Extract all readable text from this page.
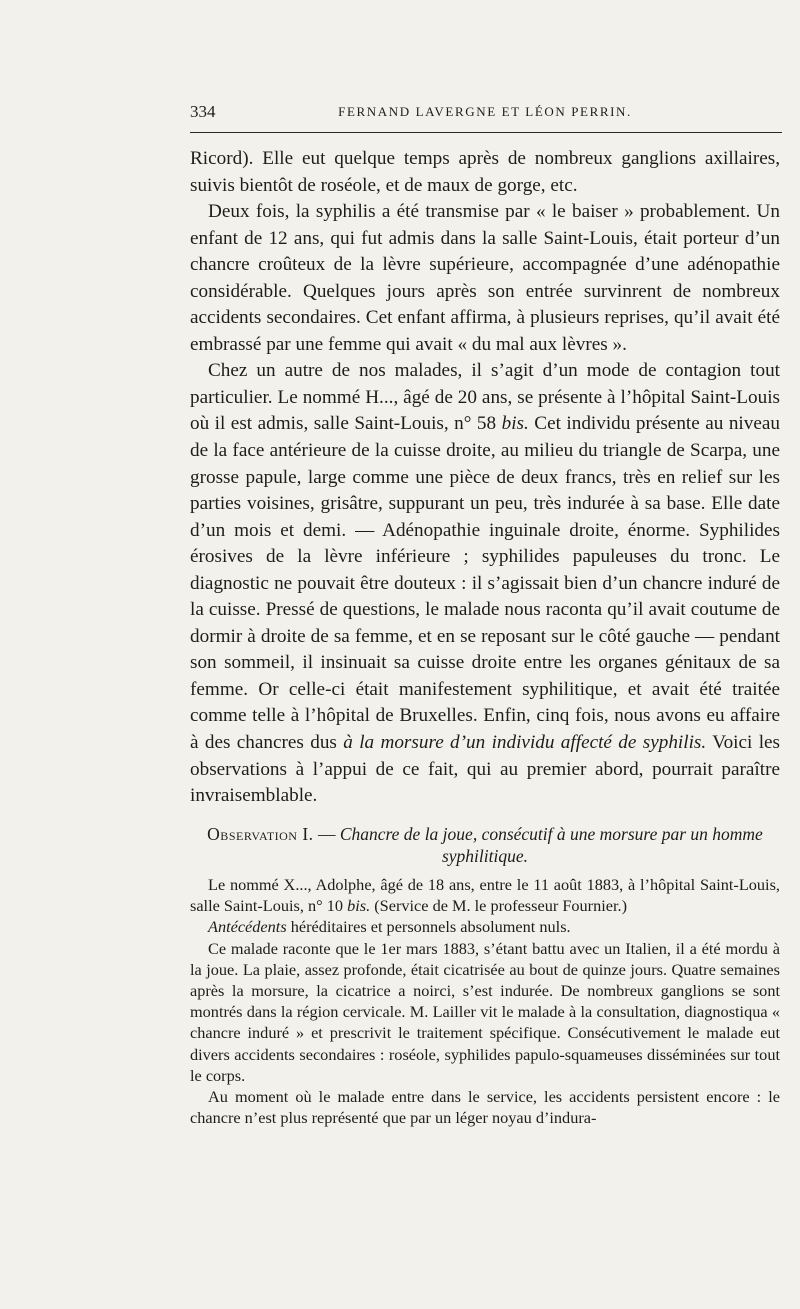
334	FERNAND LAVERGNE ET LÉON PERRIN.

Ricord). Elle eut quelque temps après de nombreux ganglions axillaires, suivis bientôt de roséole, et de maux de gorge, etc.

Deux fois, la syphilis a été transmise par « le baiser » probablement. Un enfant de 12 ans, qui fut admis dans la salle Saint-Louis, était porteur d’un chancre croûteux de la lèvre supérieure, accompagnée d’une adénopathie considérable. Quelques jours après son entrée survinrent de nombreux accidents secondaires. Cet enfant affirma, à plusieurs reprises, qu’il avait été embrassé par une femme qui avait « du mal aux lèvres ».

Chez un autre de nos malades, il s’agit d’un mode de contagion tout particulier. Le nommé H..., âgé de 20 ans, se présente à l’hôpital Saint-Louis où il est admis, salle Saint-Louis, n° 58 bis. Cet individu présente au niveau de la face antérieure de la cuisse droite, au milieu du triangle de Scarpa, une grosse papule, large comme une pièce de deux francs, très en relief sur les parties voisines, grisâtre, suppurant un peu, très indurée à sa base. Elle date d’un mois et demi. — Adénopathie inguinale droite, énorme. Syphilides érosives de la lèvre inférieure ; syphilides papuleuses du tronc. Le diagnostic ne pouvait être douteux : il s’agissait bien d’un chancre induré de la cuisse. Pressé de questions, le malade nous raconta qu’il avait coutume de dormir à droite de sa femme, et en se reposant sur le côté gauche — pendant son sommeil, il insinuait sa cuisse droite entre les organes génitaux de sa femme. Or celle-ci était manifestement syphilitique, et avait été traitée comme telle à l’hôpital de Bruxelles. Enfin, cinq fois, nous avons eu affaire à des chancres dus à la morsure d’un individu affecté de syphilis. Voici les observations à l’appui de ce fait, qui au premier abord, pourrait paraître invraisemblable.

Observation I. — Chancre de la joue, consécutif à une morsure par un homme syphilitique.

Le nommé X..., Adolphe, âgé de 18 ans, entre le 11 août 1883, à l’hôpital Saint-Louis, salle Saint-Louis, n° 10 bis. (Service de M. le professeur Fournier.)

Antécédents héréditaires et personnels absolument nuls.

Ce malade raconte que le 1er mars 1883, s’étant battu avec un Italien, il a été mordu à la joue. La plaie, assez profonde, était cicatrisée au bout de quinze jours. Quatre semaines après la morsure, la cicatrice a noirci, s’est indurée. De nombreux ganglions se sont montrés dans la région cervicale. M. Lailler vit le malade à la consultation, diagnostiqua « chancre induré » et prescrivit le traitement spécifique. Consécutivement le malade eut divers accidents secondaires : roséole, syphilides papulo-squameuses disséminées sur tout le corps.

Au moment où le malade entre dans le service, les accidents persistent encore : le chancre n’est plus représenté que par un léger noyau d’indura-
